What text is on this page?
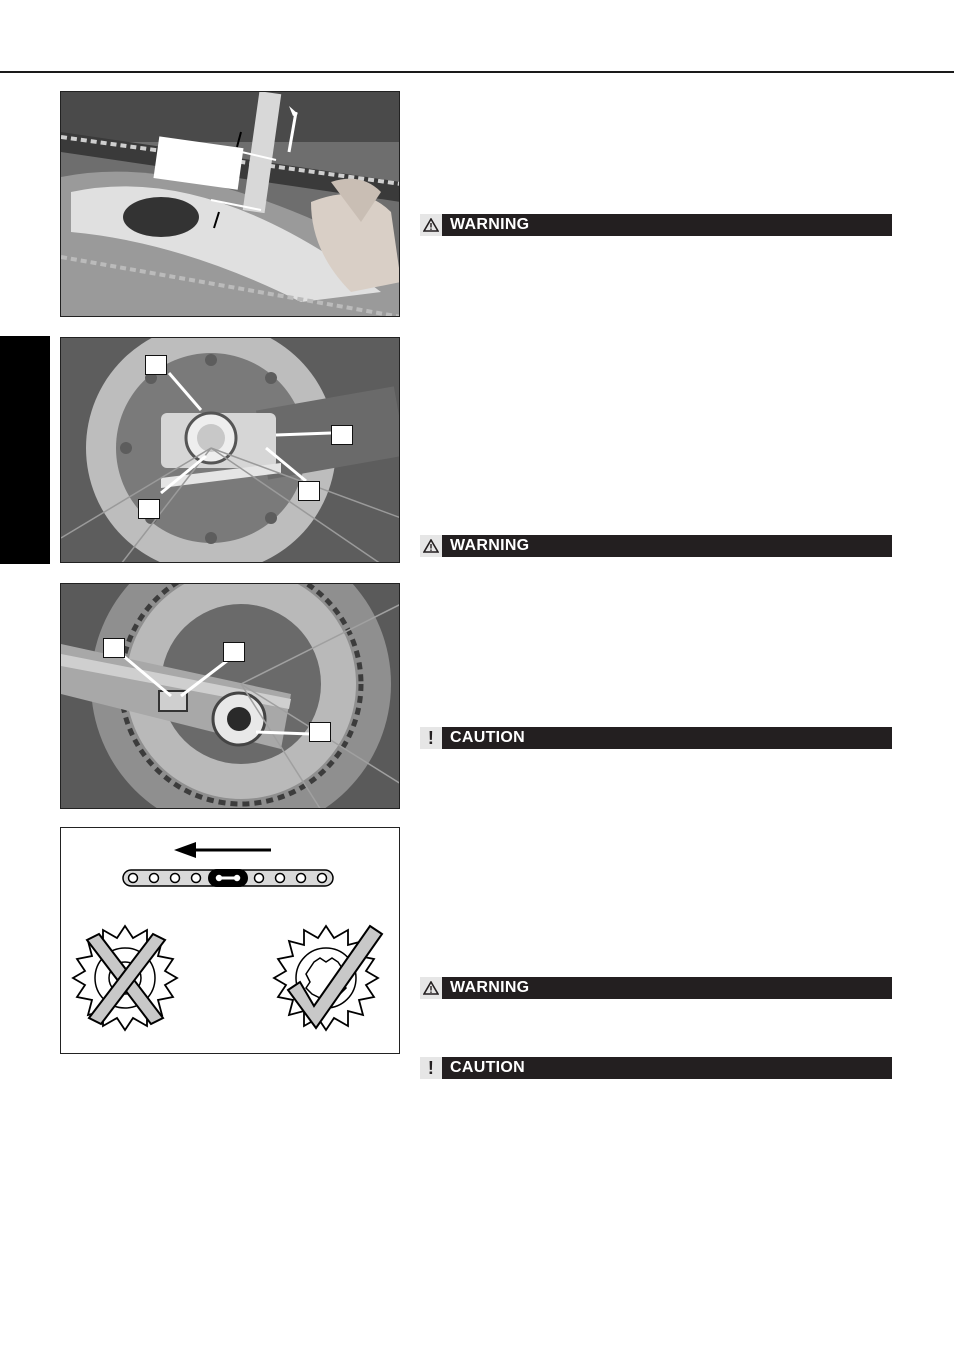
WARNING
WARNING
! CAUTION
WARNING
! CAUTION
